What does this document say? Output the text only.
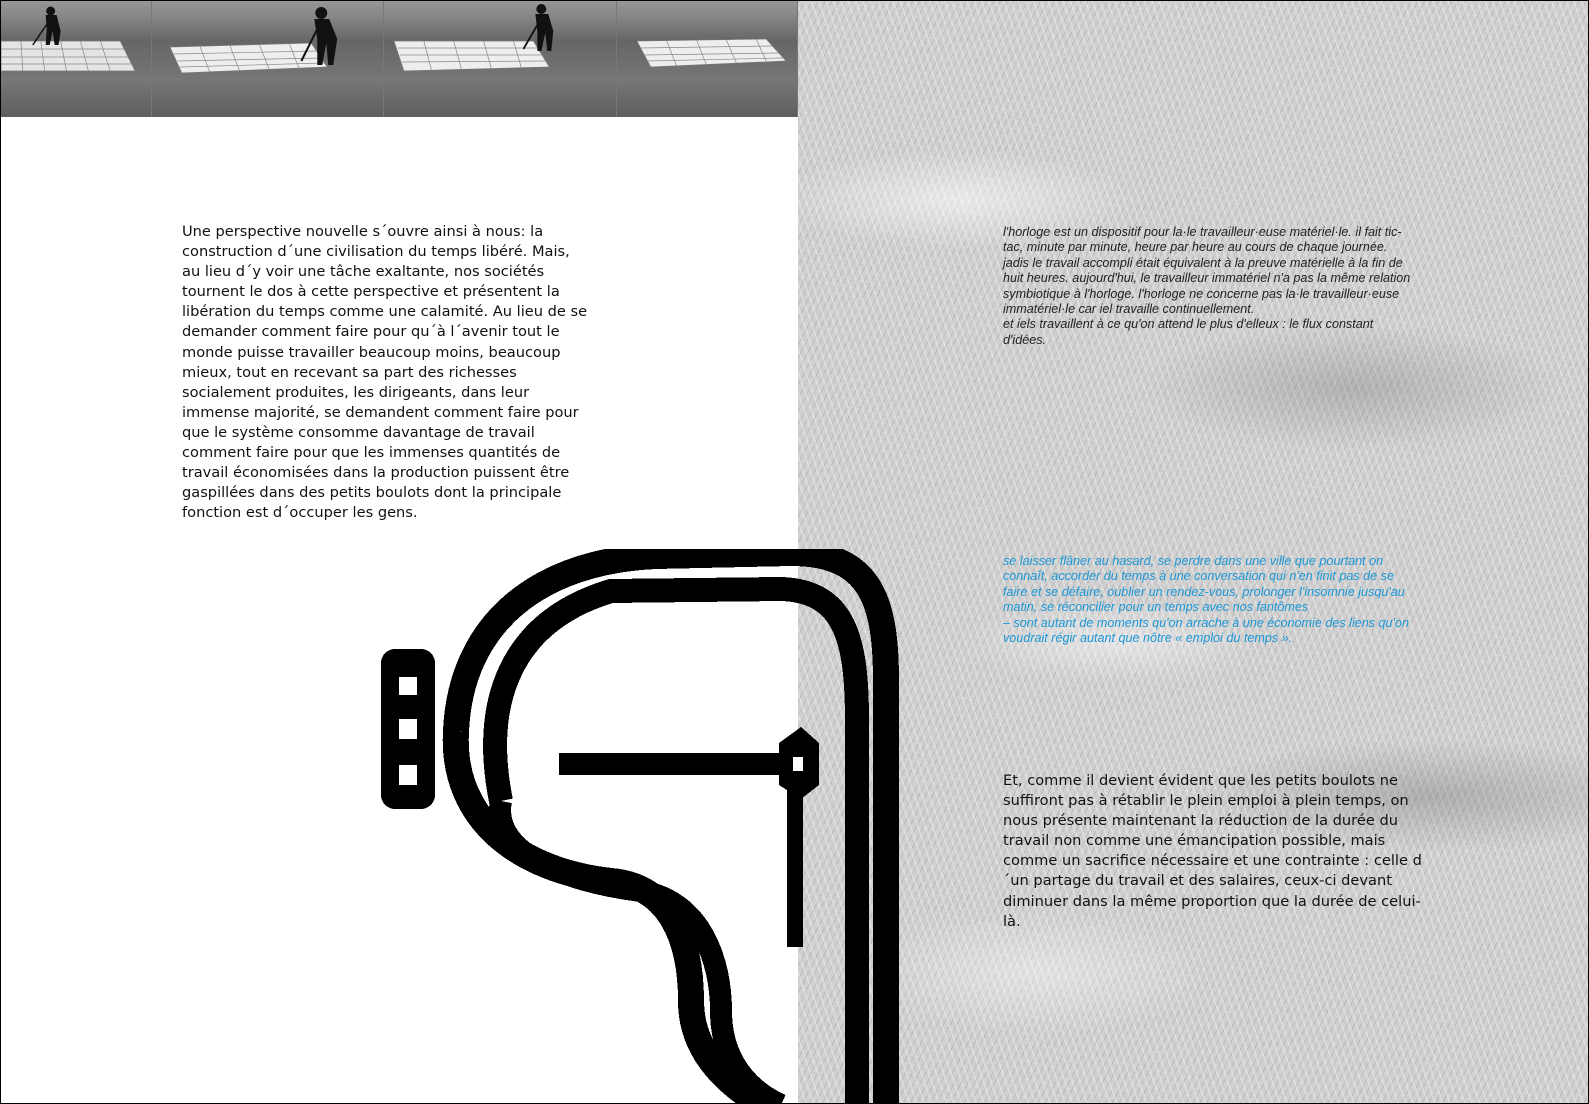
Une perspective nouvelle s´ouvre ainsi à nous: la construction d´une civilisation du temps libéré. Mais, au lieu d´y voir une tâche exaltante, nos sociétés tournent le dos à cette perspective et présentent la libération du temps comme une calamité. Au lieu de se demander comment faire pour qu´à l´avenir tout le monde puisse travailler beaucoup moins, beaucoup mieux, tout en recevant sa part des richesses socialement produites, les dirigeants, dans leur immense majorité, se demandent comment faire pour que le système consomme davantage de travail comment faire pour que les immenses quantités de travail économisées dans la production puissent être gaspillées dans des petits boulots dont la principale fonction est d´occuper les gens.

l'horloge est un dispositif pour la·le travailleur·euse matériel·le. il fait tic-tac, minute par minute, heure par heure au cours de chaque journée. jadis le travail accompli était équivalent à la preuve matérielle à la fin de huit heures. aujourd'hui, le travailleur immatériel n'a pas la même relation symbiotique à l'horloge. l'horloge ne concerne pas la·le travailleur·euse immatériel·le car iel travaille continuellement.
et iels travaillent à ce qu'on attend le plus d'elleux : le flux constant d'idées.

se laisser flâner au hasard, se perdre dans une ville que pourtant on connaît, accorder du temps à une conversation qui n'en finit pas de se faire et se défaire, oublier un rendez-vous, prolonger l'insomnie jusqu'au matin, se réconcilier pour un temps avec nos fantômes
– sont autant de moments qu'on arrache à une économie des liens qu'on voudrait régir autant que nôtre « emploi du temps ».

Et, comme il devient évident que les petits boulots ne suffiront pas à rétablir le plein emploi à plein temps, on nous présente maintenant la réduction de la durée du travail non comme une émancipation possible, mais comme un sacrifice nécessaire et une contrainte : celle d´un partage du travail et des salaires, ceux-ci devant diminuer dans la même proportion que la durée de celui-là.
